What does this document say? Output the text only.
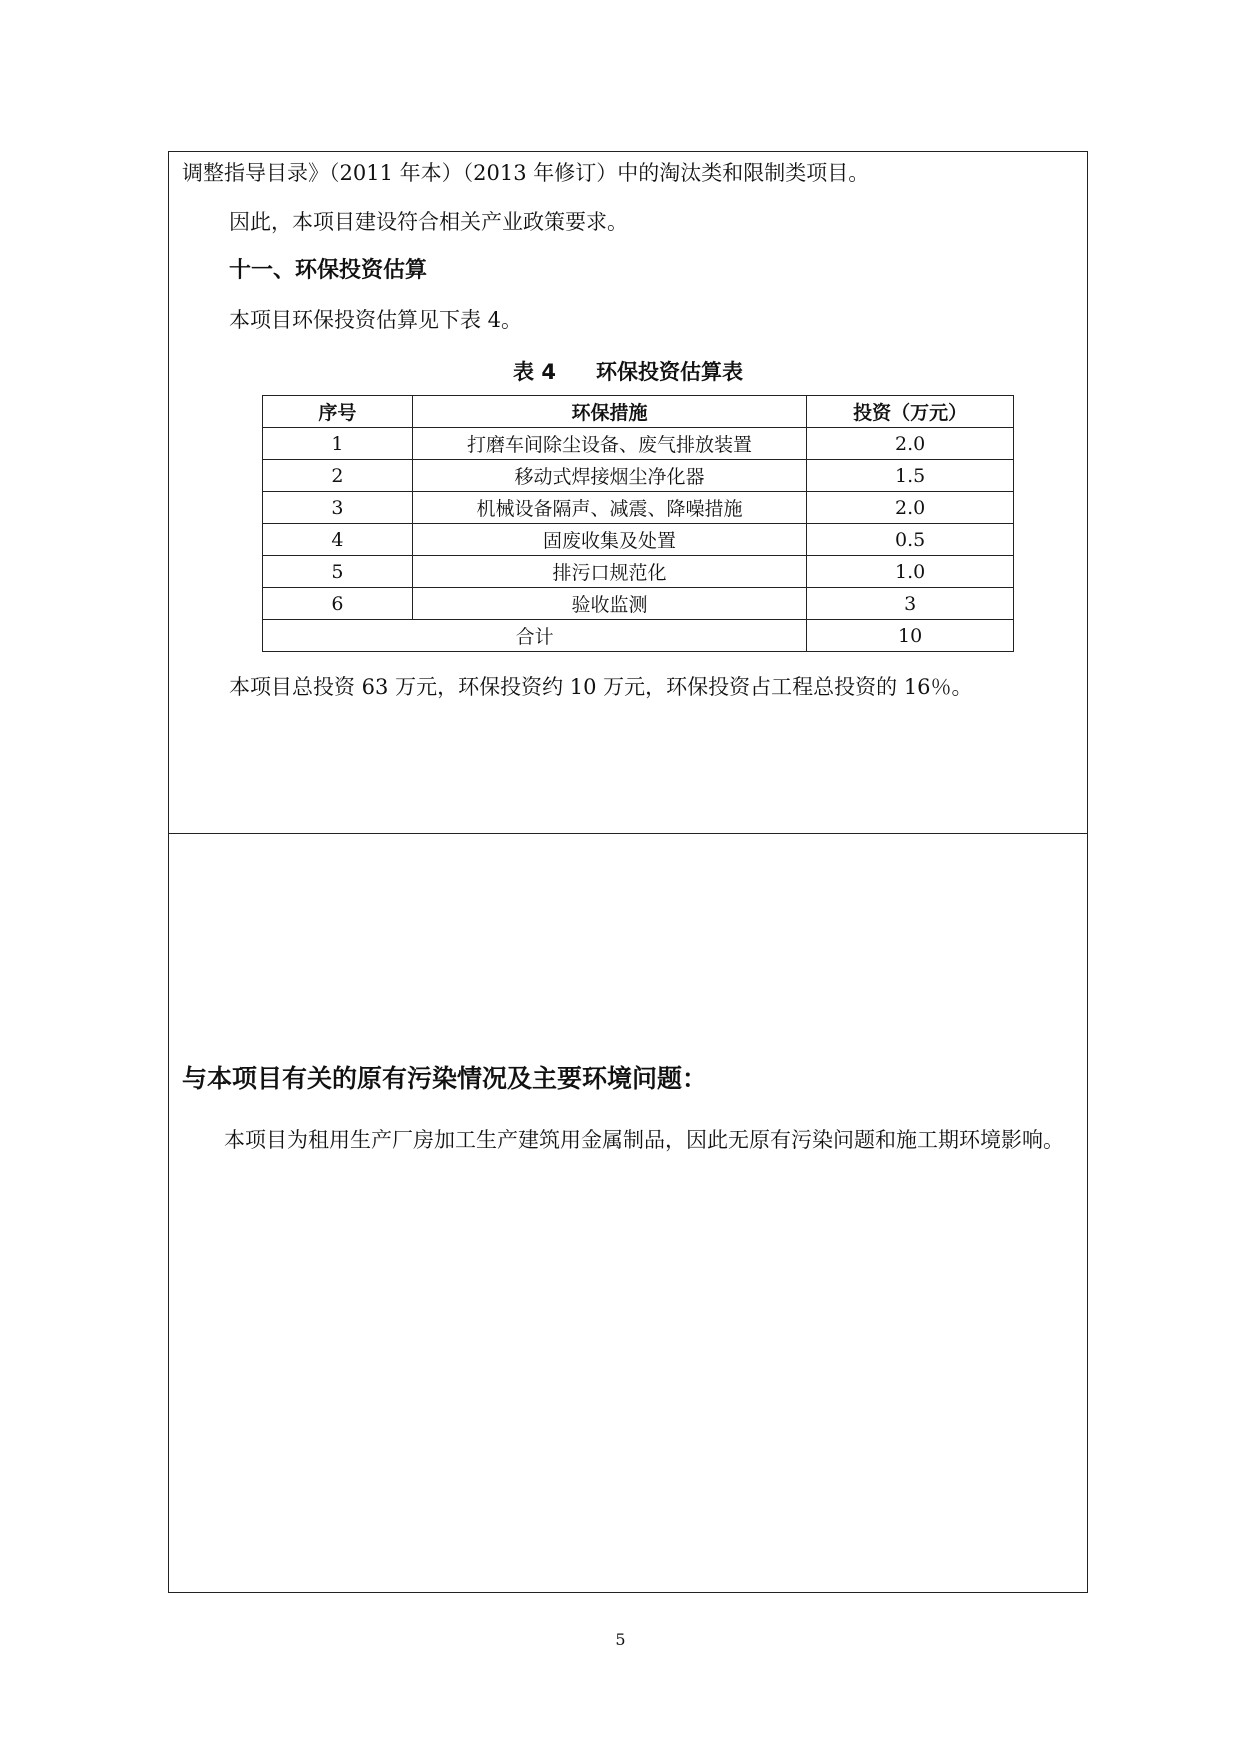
调整指导目录》（2011 年本）（2013 年修订）中的淘汰类和限制类项目。
因此，本项目建设符合相关产业政策要求。
十一、环保投资估算
本项目环保投资估算见下表 4。
表 4 环保投资估算表
序号	环保措施	投资（万元）
1	打磨车间除尘设备、废气排放装置	2.0
2	移动式焊接烟尘净化器	1.5
3	机械设备隔声、减震、降噪措施	2.0
4	固废收集及处置	0.5
5	排污口规范化	1.0
6	验收监测	3
合计		10
本项目总投资 63 万元，环保投资约 10 万元，环保投资占工程总投资的 16％。
与本项目有关的原有污染情况及主要环境问题：
本项目为租用生产厂房加工生产建筑用金属制品，因此无原有污染问题和施工期环境影响。
5
